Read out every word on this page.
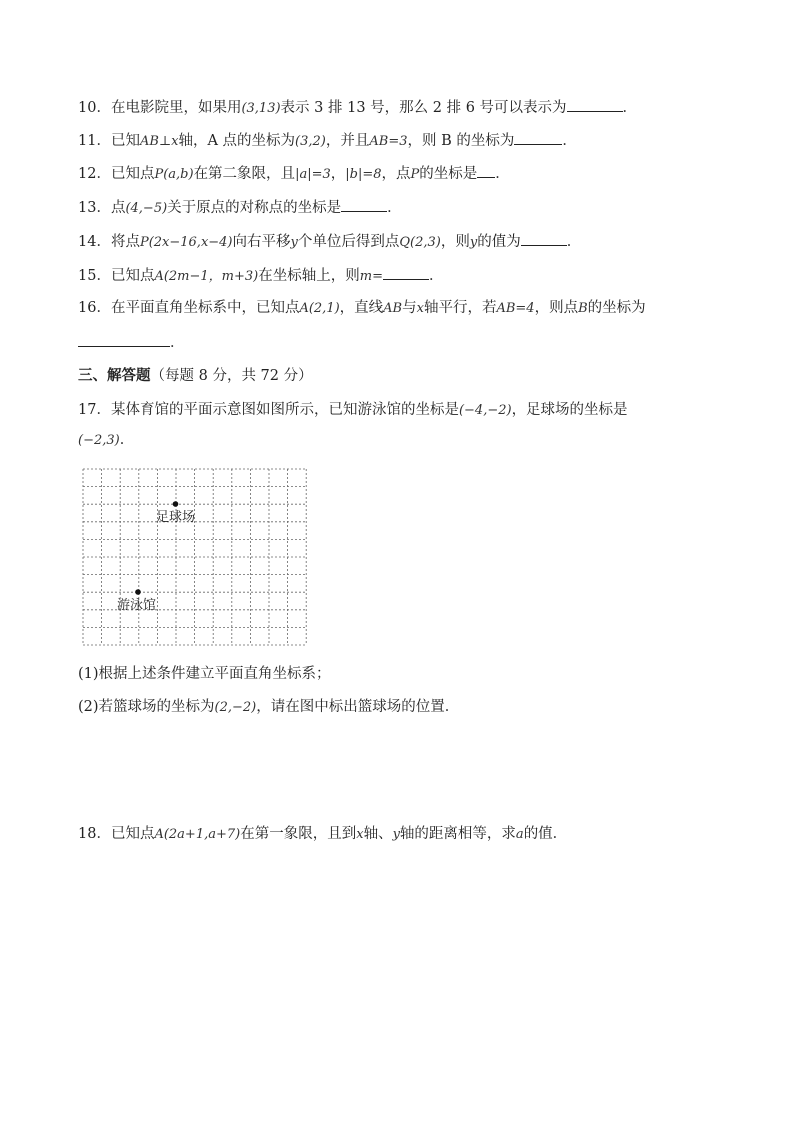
10．在电影院里，如果用(3,13)表示 3 排 13 号，那么 2 排 6 号可以表示为	．
11．已知AB⊥x轴，A 点的坐标为(3,2)，并且AB=3，则 B 的坐标为	．
12．已知点P(a,b)在第二象限，且|a|=3，|b|=8，点P的坐标是 ．
13．点(4,−5)关于原点的对称点的坐标是	．
14．将点P(2x−16,x−4)向右平移y个单位后得到点Q(2,3)，则y的值为	．
15．已知点A(2m−1，m+3)在坐标轴上，则m=	．
16．在平面直角坐标系中，已知点A(2,1)，直线AB与x轴平行，若AB=4，则点B的坐标为
．
三、解答题（每题 8 分，共 72 分）
17．某体育馆的平面示意图如图所示，已知游泳馆的坐标是(−4,−2)，足球场的坐标是
(−2,3)．
足球场
游泳馆
(1)根据上述条件建立平面直角坐标系；
(2)若篮球场的坐标为(2,−2)，请在图中标出篮球场的位置．
18．已知点A(2a+1,a+7)在第一象限，且到x轴、y轴的距离相等，求a的值．
